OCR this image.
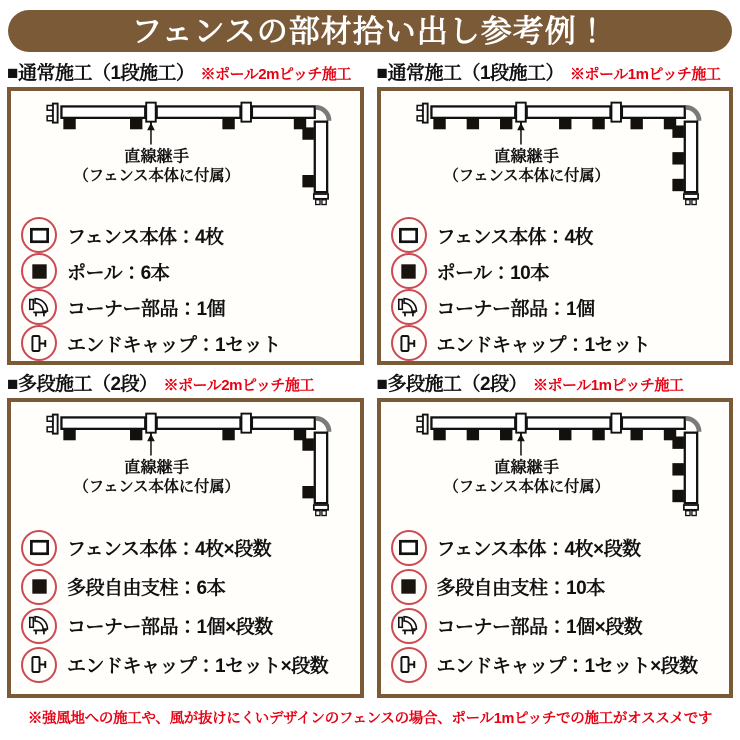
フェンスの部材拾い出し参考例！
■通常施工（1段施工） ※ポール2mピッチ施工
直線継手
（フェンス本体に付属）
フェンス本体：4枚
ポール：6本
コーナー部品：1個
エンドキャップ：1セット
■通常施工（1段施工） ※ポール1mピッチ施工
直線継手
（フェンス本体に付属）
フェンス本体：4枚
ポール：10本
コーナー部品：1個
エンドキャップ：1セット
■多段施工（2段） ※ポール2mピッチ施工
直線継手
（フェンス本体に付属）
フェンス本体：4枚×段数
多段自由支柱：6本
コーナー部品：1個×段数
エンドキャップ：1セット×段数
■多段施工（2段） ※ポール1mピッチ施工
直線継手
（フェンス本体に付属）
フェンス本体：4枚×段数
多段自由支柱：10本
コーナー部品：1個×段数
エンドキャップ：1セット×段数
※強風地への施工や、風が抜けにくいデザインのフェンスの場合、ポール1mピッチでの施工がオススメです
